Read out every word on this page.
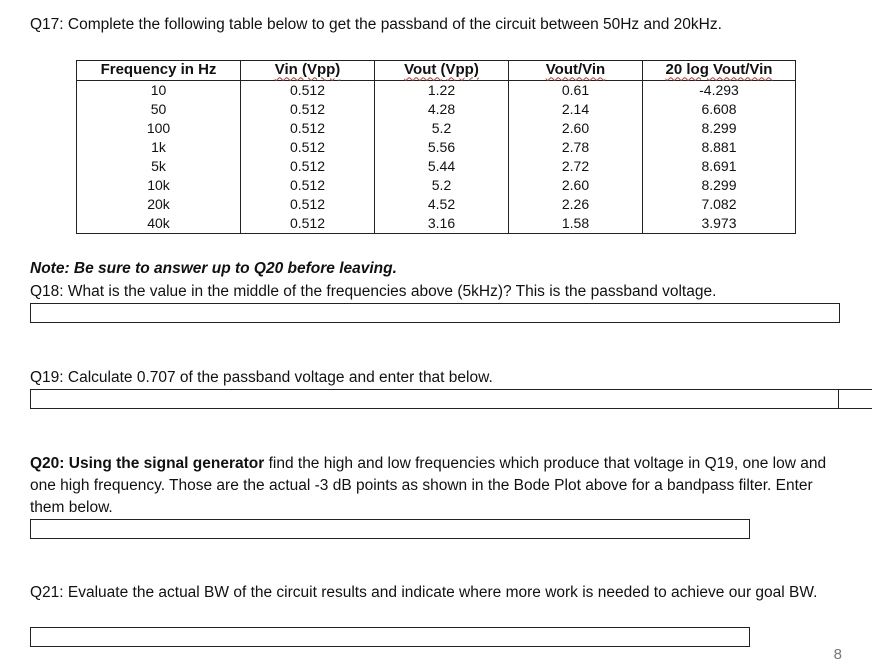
Q17: Complete the following table below to get the passband of the circuit between 50Hz and 20kHz.
Frequency in Hz	Vin (Vpp)	Vout (Vpp)	Vout/Vin	20 log Vout/Vin
10	0.512	1.22	0.61	-4.293
50	0.512	4.28	2.14	6.608
100	0.512	5.2	2.60	8.299
1k	0.512	5.56	2.78	8.881
5k	0.512	5.44	2.72	8.691
10k	0.512	5.2	2.60	8.299
20k	0.512	4.52	2.26	7.082
40k	0.512	3.16	1.58	3.973
Note: Be sure to answer up to Q20 before leaving.
Q18: What is the value in the middle of the frequencies above (5kHz)? This is the passband voltage.
Q19: Calculate 0.707 of the passband voltage and enter that below.
Q20: Using the signal generator find the high and low frequencies which produce that voltage in Q19, one low and one high frequency. Those are the actual -3 dB points as shown in the Bode Plot above for a bandpass filter. Enter them below.
Q21: Evaluate the actual BW of the circuit results and indicate where more work is needed to achieve our goal BW.
8
